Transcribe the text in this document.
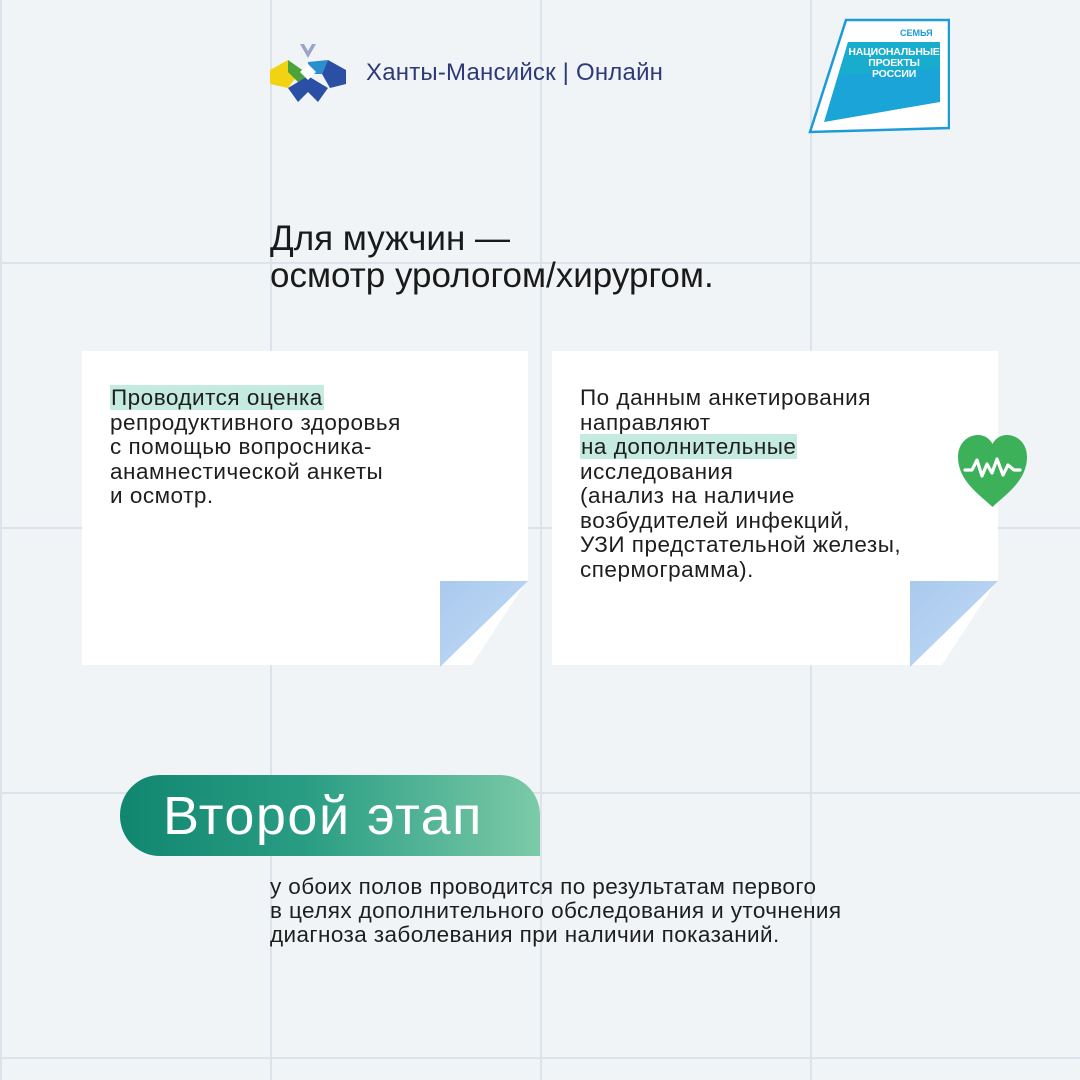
Ханты-Мансийск | Онлайн
СЕМЬЯ
НАЦИОНАЛЬНЫЕ
ПРОЕКТЫ
РОССИИ
Для мужчин —
осмотр урологом/хирургом.
Проводится оценка
репродуктивного здоровья
с помощью вопросника-
анамнестической анкеты
и осмотр.
По данным анкетирования
направляют
на дополнительные
исследования
(анализ на наличие
возбудителей инфекций,
УЗИ предстательной железы,
спермограмма).
Второй этап
у обоих полов проводится по результатам первого
в целях дополнительного обследования и уточнения
диагноза заболевания при наличии показаний.
